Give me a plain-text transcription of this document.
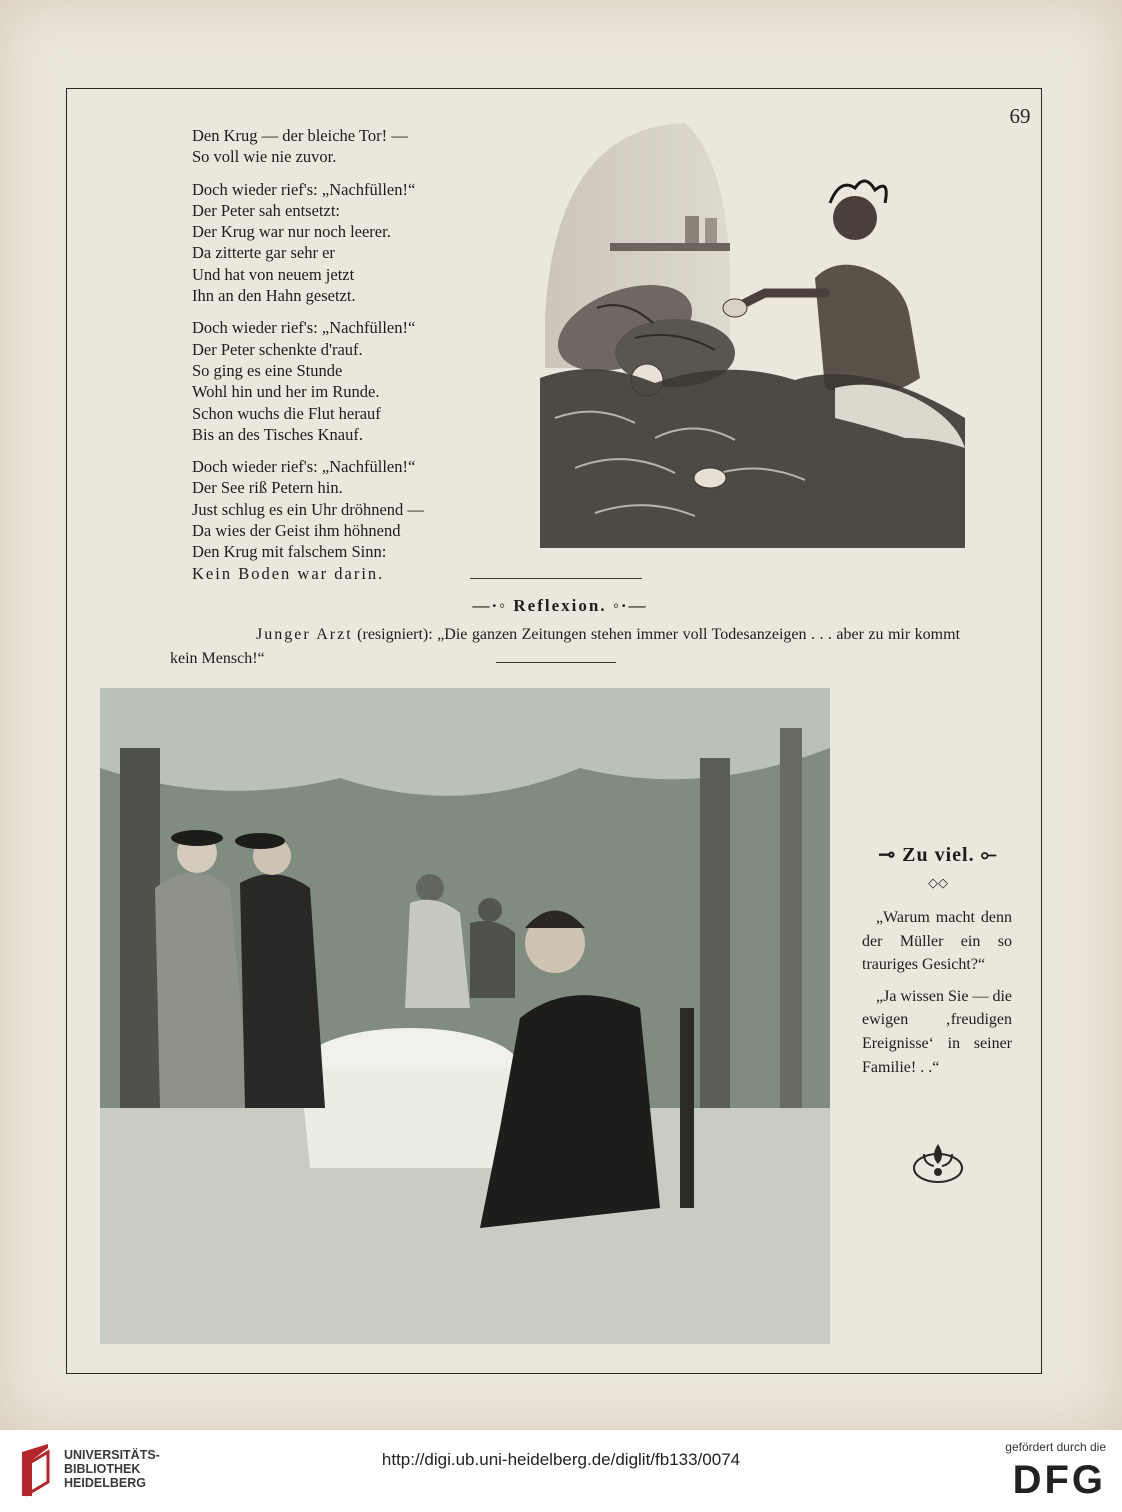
69
Den Krug — der bleiche Tor! —
So voll wie nie zuvor.
Doch wieder rief's: „Nachfüllen!“
Der Peter sah entsetzt:
Der Krug war nur noch leerer.
Da zitterte gar sehr er
Und hat von neuem jetzt
Ihn an den Hahn gesetzt.
Doch wieder rief's: „Nachfüllen!“
Der Peter schenkte d'rauf.
So ging es eine Stunde
Wohl hin und her im Runde.
Schon wuchs die Flut herauf
Bis an des Tisches Knauf.
Doch wieder rief's: „Nachfüllen!“
Der See riß Petern hin.
Just schlug es ein Uhr dröhnend —
Da wies der Geist ihm höhnend
Den Krug mit falschem Sinn:
Kein Boden war darin.
—·◦ Reflexion. ◦·—
Junger Arzt (resigniert): „Die ganzen Zeitungen stehen immer voll Todesanzeigen . . . aber zu mir kommt kein Mensch!“
⊸ Zu viel. ⟜
◇◇

„Warum macht denn der Müller ein so trauriges Gesicht?“

„Ja wissen Sie — die ewigen ‚freudigen Ereignisse‘ in seiner Familie! . .“

UNIVERSITÄTS-
BIBLIOTHEK
HEIDELBERG
http://digi.ub.uni-heidelberg.de/diglit/fb133/0074
gefördert durch die
DFG
